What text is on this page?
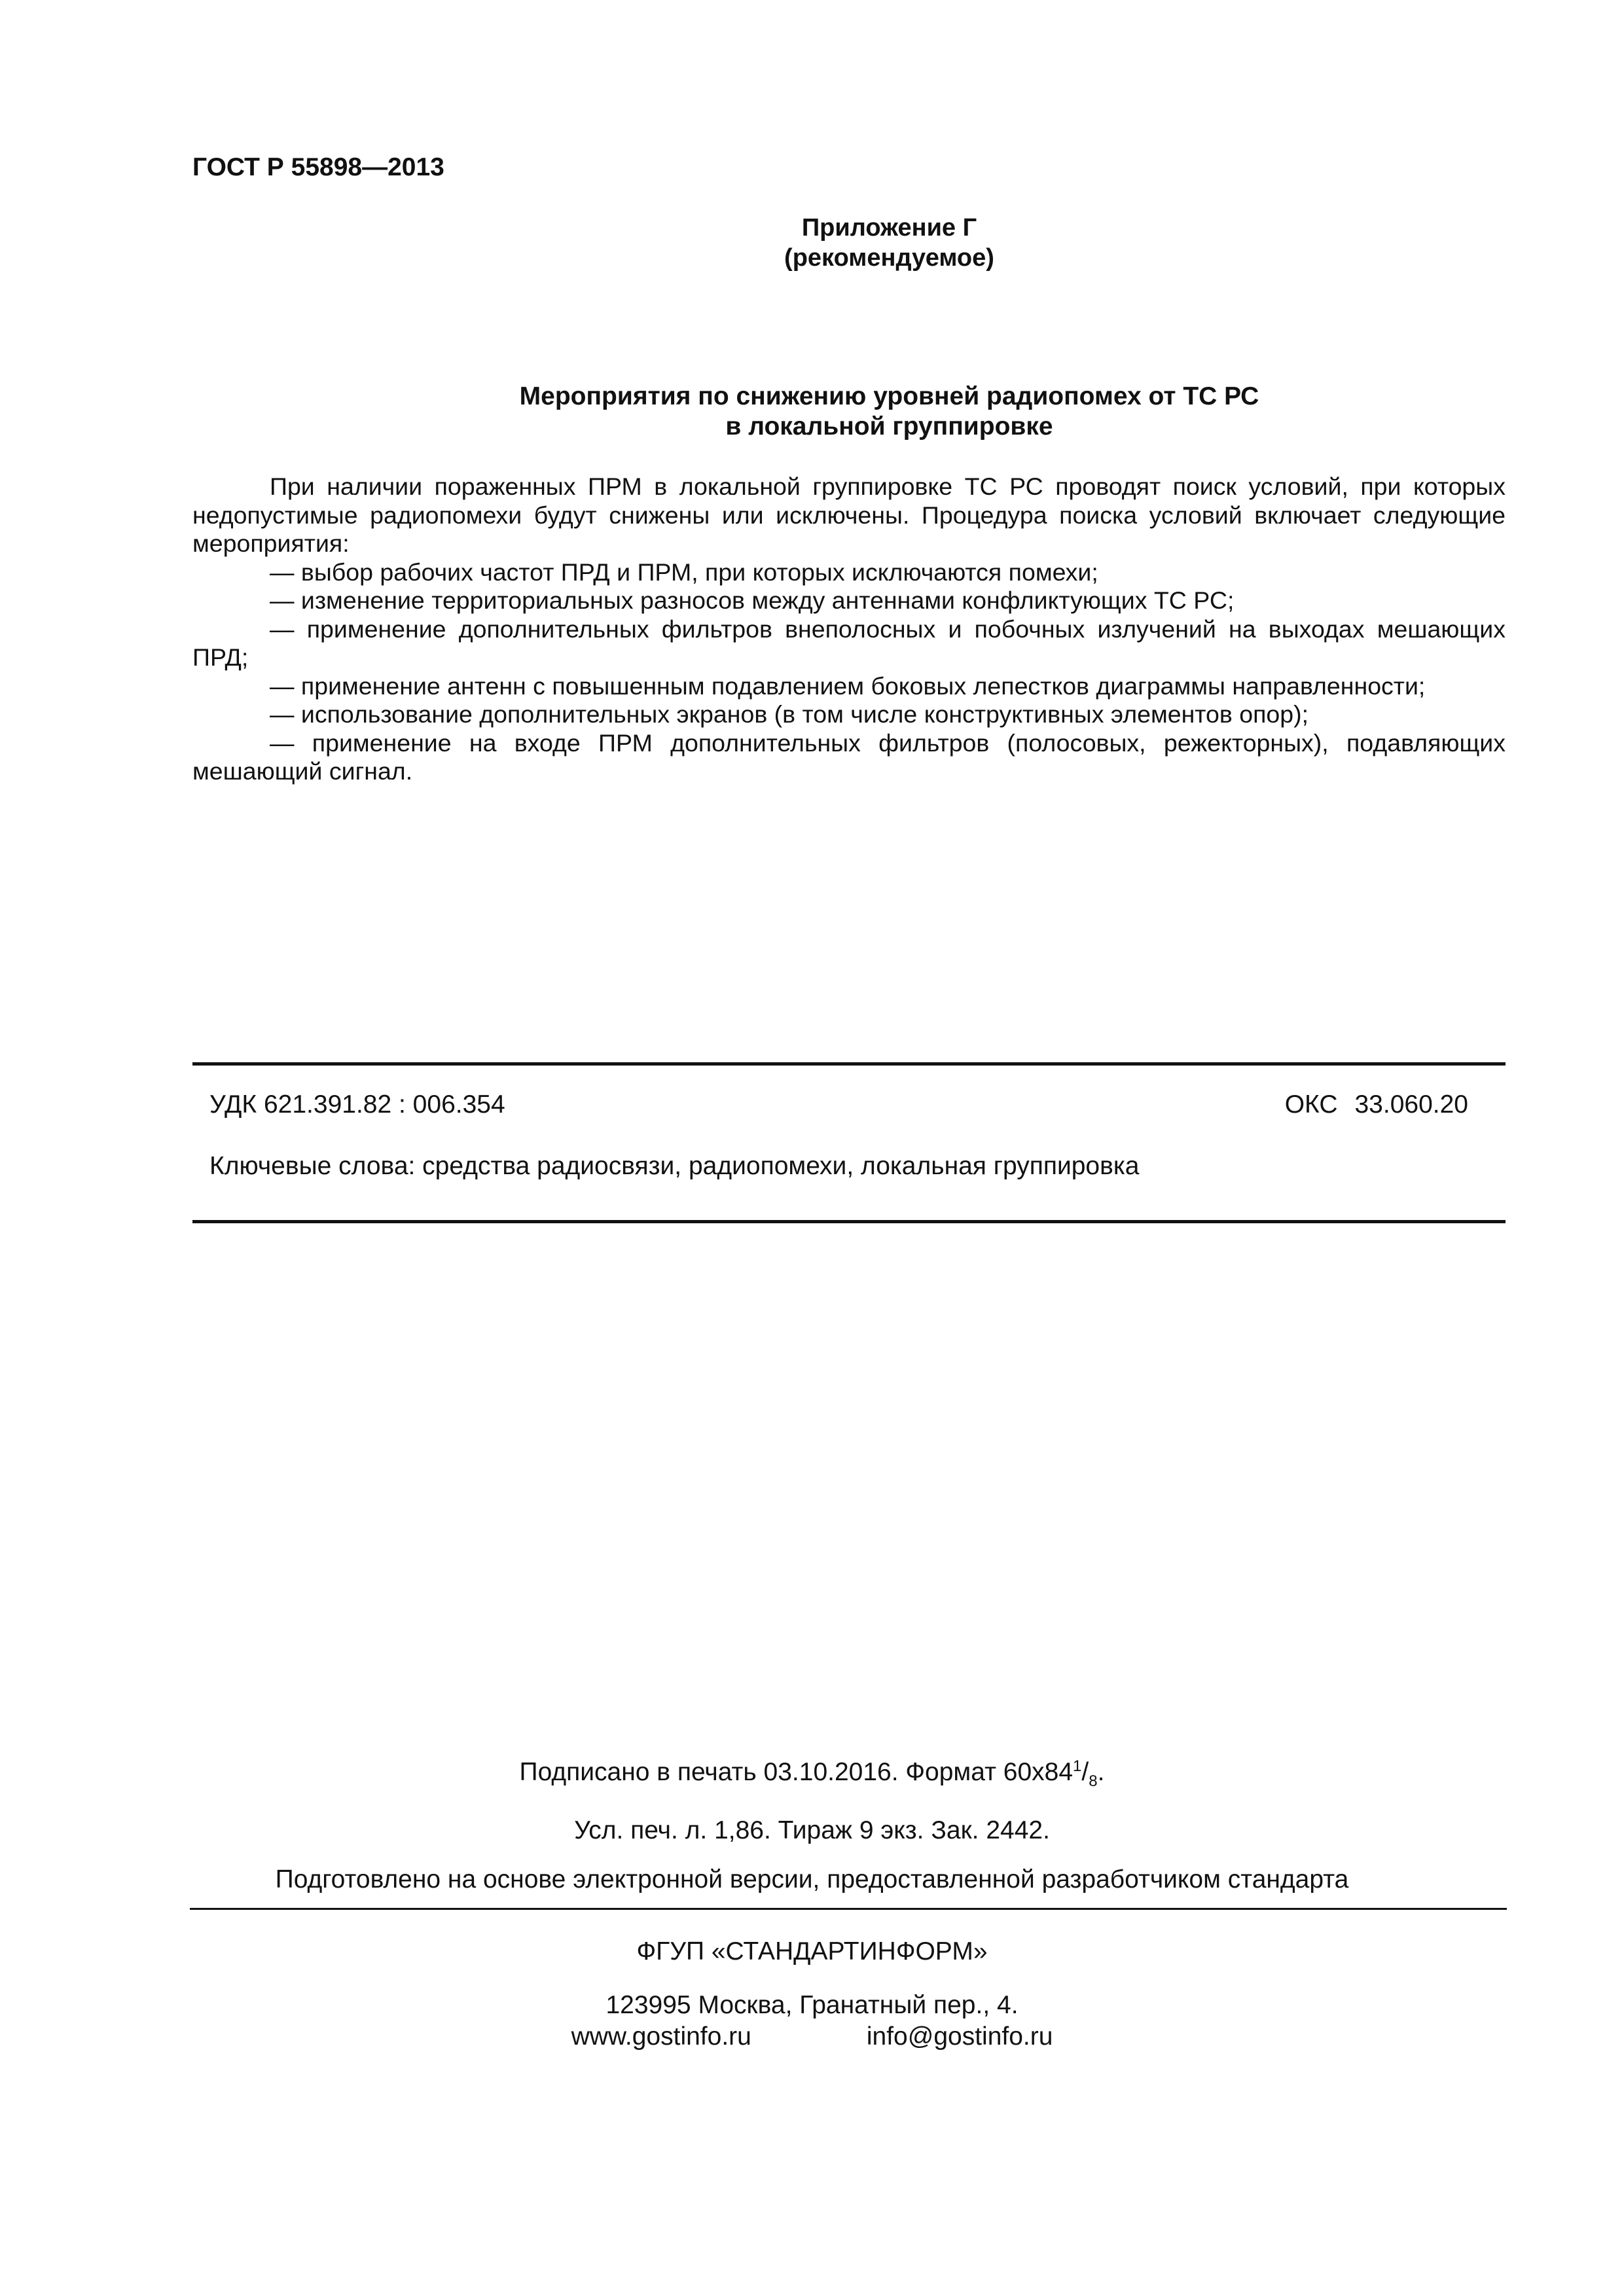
ГОСТ Р 55898—2013
Приложение Г
(рекомендуемое)
Мероприятия по снижению уровней радиопомех от ТС РС
в локальной группировке

При наличии пораженных ПРМ в локальной группировке ТС РС проводят поиск условий, при которых недопустимые радиопомехи будут снижены или исключены. Процедура поиска условий включает следующие мероприятия:

— выбор рабочих частот ПРД и ПРМ, при которых исключаются помехи;

— изменение территориальных разносов между антеннами конфликтующих ТС РС;

— применение дополнительных фильтров внеполосных и побочных излучений на выходах мешающих ПРД;

— применение антенн с повышенным подавлением боковых лепестков диаграммы направленности;

— использование дополнительных экранов (в том числе конструктивных элементов опор);

— применение на входе ПРМ дополнительных фильтров (полосовых, режекторных), подавляющих мешающий сигнал.

УДК 621.391.82 : 006.354	ОКС 33.060.20
Ключевые слова: средства радиосвязи, радиопомехи, локальная группировка
Подписано в печать 03.10.2016. Формат $60х84^1/_8$.
Усл. печ. л. 1,86. Тираж 9 экз. Зак. 2442.
Подготовлено на основе электронной версии, предоставленной разработчиком стандарта
ФГУП «СТАНДАРТИНФОРМ»
123995 Москва, Гранатный пер., 4.
www.gostinfo.ru	info@gostinfo.ru
